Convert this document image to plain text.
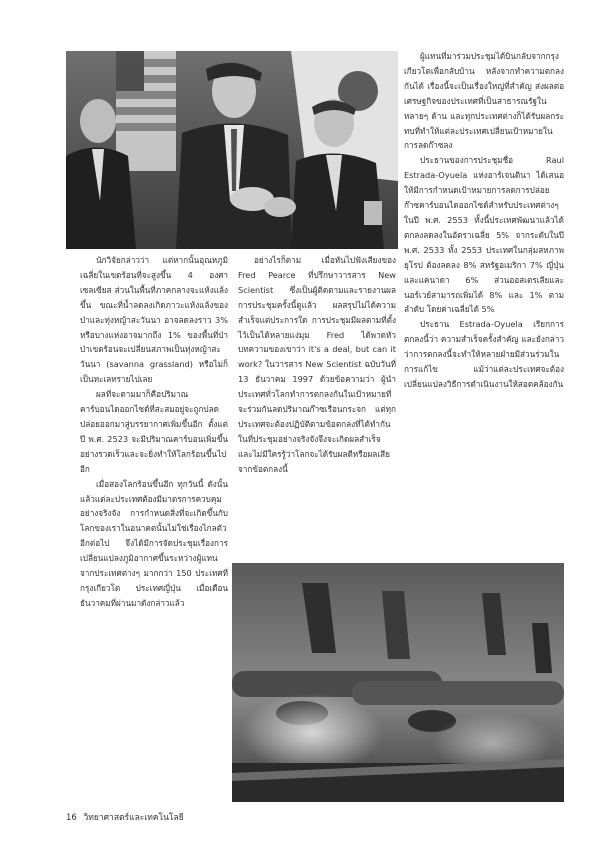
นักวิจัยกล่าวว่า แต่หากนั้นอุณหภูมิเฉลี่ยในเขตร้อนที่จะสูงขึ้น 4 องศาเซลเซียส ส่วนในพื้นที่ภาคกลางจะแห้งแล้งขึ้น ขณะที่น้ำลดลงเกิดภาวะแห้งแล้งของป่าและทุ่งหญ้าสะวันนา อาจลดลงราว 3% หรือบางแห่งอาจมากถึง 1% ของพื้นที่ป่า ป่าเขตร้อนจะเปลี่ยนสภาพเป็นทุ่งหญ้าสะวันนา (savanna grassland) หรือไม่ก็เป็นทะเลทรายไปเลย

ผลที่จะตามมาก็คือปริมาณคาร์บอนไดออกไซด์ที่สะสมอยู่จะถูกปลดปล่อยออกมาสู่บรรยากาศเพิ่มขึ้นอีก ตั้งแต่ปี พ.ศ. 2523 จะมีปริมาณคาร์บอนเพิ่มขึ้นอย่างรวดเร็วและจะยิ่งทำให้โลกร้อนขึ้นไปอีก

เมื่อสองโลกร้อนขึ้นอีก ทุกวันนี้ ดังนั้นแล้วแต่ละประเทศต้องมีมาตรการควบคุมอย่างจริงจัง การกำหนดสิ่งที่จะเกิดขึ้นกับโลกของเราในอนาคตนั้นไม่ใช่เรื่องไกลตัวอีกต่อไป จึงได้มีการจัดประชุมเรื่องการเปลี่ยนแปลงภูมิอากาศขึ้นระหว่างผู้แทนจากประเทศต่างๆ มากกว่า 150 ประเทศที่กรุงเกียวโต ประเทศญี่ปุ่น เมื่อเดือนธันวาคมที่ผ่านมาดังกล่าวแล้ว

อย่างไรก็ตาม เมื่อหันไปฟังเสียงของ Fred Pearce ที่ปรึกษาวารสาร New Scientist ซึ่งเป็นผู้ติดตามและรายงานผลการประชุมครั้งนี้ดูแล้ว ผลสรุปไม่ได้ความสำเร็จแต่ประการใด การประชุมมีผลตามที่ตั้งไว้เป็นได้หลายแง่มุม Fred ได้พาดหัวบทความของเขาว่า it's a deal, but can it work? ในวารสาร New Scientist ฉบับวันที่ 13 ธันวาคม 1997 ด้วยข้อความว่า ผู้นำประเทศทั่วโลกทำการตกลงกันในเป้าหมายที่จะร่วมกันลดปริมาณก๊าซเรือนกระจก แต่ทุกประเทศจะต้องปฏิบัติตามข้อตกลงที่ได้ทำกันในที่ประชุมอย่างจริงจังจึงจะเกิดผลสำเร็จ และไม่มีใครรู้ว่าโลกจะได้รับผลดีหรือผลเสียจากข้อตกลงนี้

ผู้แทนที่มาร่วมประชุมได้บินกลับจากกรุงเกียวโตเพื่อกลับบ้าน หลังจากทำความตกลงกันได้ เรื่องนี้จะเป็นเรื่องใหญ่ที่สำคัญ ส่งผลต่อเศรษฐกิจของประเทศที่เป็นสาธารณรัฐในหลายๆ ด้าน และทุกประเทศต่างก็ได้รับผลกระทบที่ทำให้แต่ละประเทศเปลี่ยนเป้าหมายในการลดก๊าซลง

ประธานของการประชุมชื่อ Raul Estrada-Oyuela แห่งอาร์เจนตินา ได้เสนอให้มีการกำหนดเป้าหมายการลดการปล่อยก๊าซคาร์บอนไดออกไซด์สำหรับประเทศต่างๆ ในปี พ.ศ. 2553 ทั้งนี้ประเทศพัฒนาแล้วได้ตกลงลดลงในอัตราเฉลี่ย 5% จากระดับในปี พ.ศ. 2533 ทั้ง 2553 ประเทศในกลุ่มสหภาพยุโรป ต้องลดลง 8% สหรัฐอเมริกา 7% ญี่ปุ่น และแคนาดา 6% ส่วนออสเตรเลียและนอร์เวย์สามารถเพิ่มได้ 8% และ 1% ตามลำดับ โดยค่าเฉลี่ยได้ 5%

ประธาน Estrada-Oyuela เรียกการตกลงนี้ว่า ความสำเร็จครั้งสำคัญ และยังกล่าวว่าการตกลงนี้จะทำให้หลายฝ่ายมีส่วนร่วมในการแก้ไข แม้ว่าแต่ละประเทศจะต้องเปลี่ยนแปลงวิธีการดำเนินงานให้สอดคล้องกัน

16 วิทยาศาสตร์และเทคโนโลยี
